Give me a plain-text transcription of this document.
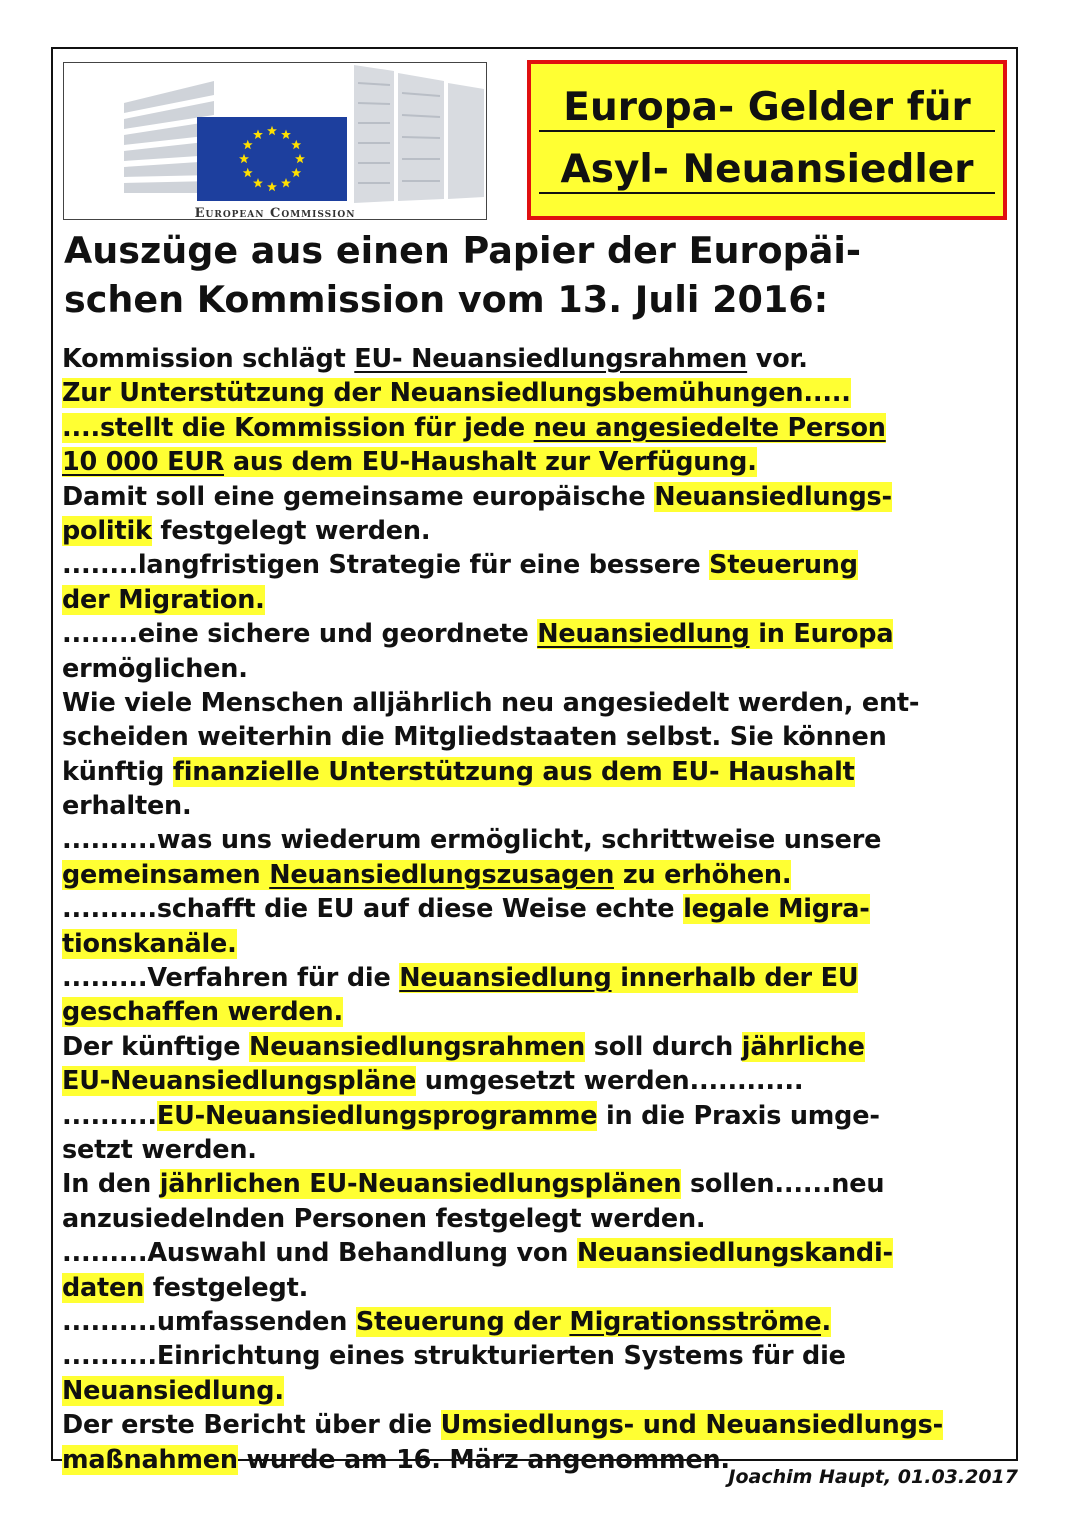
European Commission
Europa- Gelder für
Asyl- Neuansiedler
Auszüge aus einen Papier der Europäi-
schen Kommission vom 13. Juli 2016:
Kommission schlägt EU- Neuansiedlungsrahmen vor.
Zur Unterstützung der Neuansiedlungsbemühungen.....
....stellt die Kommission für jede neu angesiedelte Person
10 000 EUR aus dem EU-Haushalt zur Verfügung.
Damit soll eine gemeinsame europäische Neuansiedlungs-
politik festgelegt werden.
........langfristigen Strategie für eine bessere Steuerung
der Migration.
........eine sichere und geordnete Neuansiedlung in Europa
ermöglichen.
Wie viele Menschen alljährlich neu angesiedelt werden, ent-
scheiden weiterhin die Mitgliedstaaten selbst. Sie können
künftig finanzielle Unterstützung aus dem EU- Haushalt
erhalten.
..........was uns wiederum ermöglicht, schrittweise unsere
gemeinsamen Neuansiedlungszusagen zu erhöhen.
..........schafft die EU auf diese Weise echte legale Migra-
tionskanäle.
.........Verfahren für die Neuansiedlung innerhalb der EU
geschaffen werden.
Der künftige Neuansiedlungsrahmen soll durch jährliche
EU-Neuansiedlungspläne umgesetzt werden............
..........EU-Neuansiedlungsprogramme in die Praxis umge-
setzt werden.
In den jährlichen EU-Neuansiedlungsplänen sollen......neu
anzusiedelnden Personen festgelegt werden.
.........Auswahl und Behandlung von Neuansiedlungskandi-
daten festgelegt.
..........umfassenden Steuerung der Migrationsströme.
..........Einrichtung eines strukturierten Systems für die
Neuansiedlung.
Der erste Bericht über die Umsiedlungs- und Neuansiedlungs-
maßnahmen wurde am 16. März angenommen.
Joachim Haupt, 01.03.2017
